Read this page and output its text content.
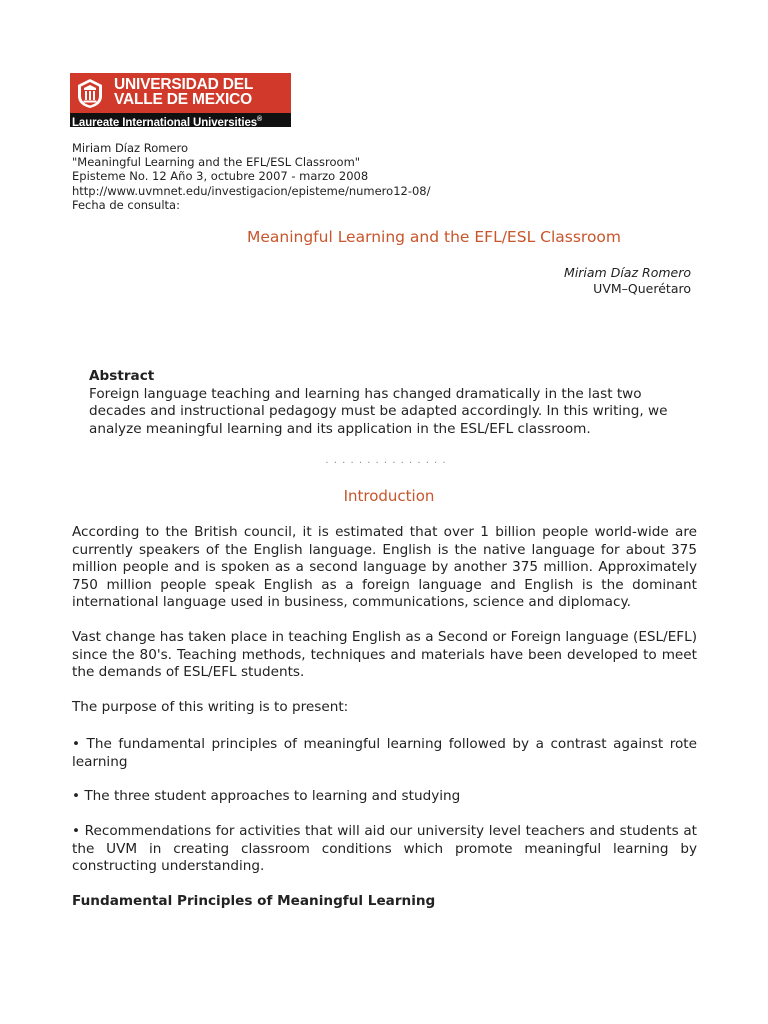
UNIVERSIDAD DEL
VALLE DE MEXICO
Laureate International Universities®
Miriam Díaz Romero
"Meaningful Learning and the EFL/ESL Classroom"
Episteme No. 12 Año 3, octubre 2007 - marzo 2008
http://www.uvmnet.edu/investigacion/episteme/numero12-08/
Fecha de consulta:
Meaningful Learning and the EFL/ESL Classroom
Miriam Díaz Romero
UVM–Querétaro
Abstract
Foreign language teaching and learning has changed dramatically in the last two decades and instructional pedagogy must be adapted accordingly. In this writing, we analyze meaningful learning and its application in the ESL/EFL classroom.
· · · · · · · · · · · · · · ·
Introduction
According to the British council, it is estimated that over 1 billion people world-wide are currently speakers of the English language. English is the native language for about 375 million people and is spoken as a second language by another 375 million. Approximately 750 million people speak English as a foreign language and English is the dominant international language used in business, communications, science and diplomacy.
Vast change has taken place in teaching English as a Second or Foreign language (ESL/EFL) since the 80's. Teaching methods, techniques and materials have been developed to meet the demands of ESL/EFL students.
The purpose of this writing is to present:
• The fundamental principles of meaningful learning followed by a contrast against rote learning
• The three student approaches to learning and studying
• Recommendations for activities that will aid our university level teachers and students at the UVM in creating classroom conditions which promote meaningful learning by constructing understanding.
Fundamental Principles of Meaningful Learning
